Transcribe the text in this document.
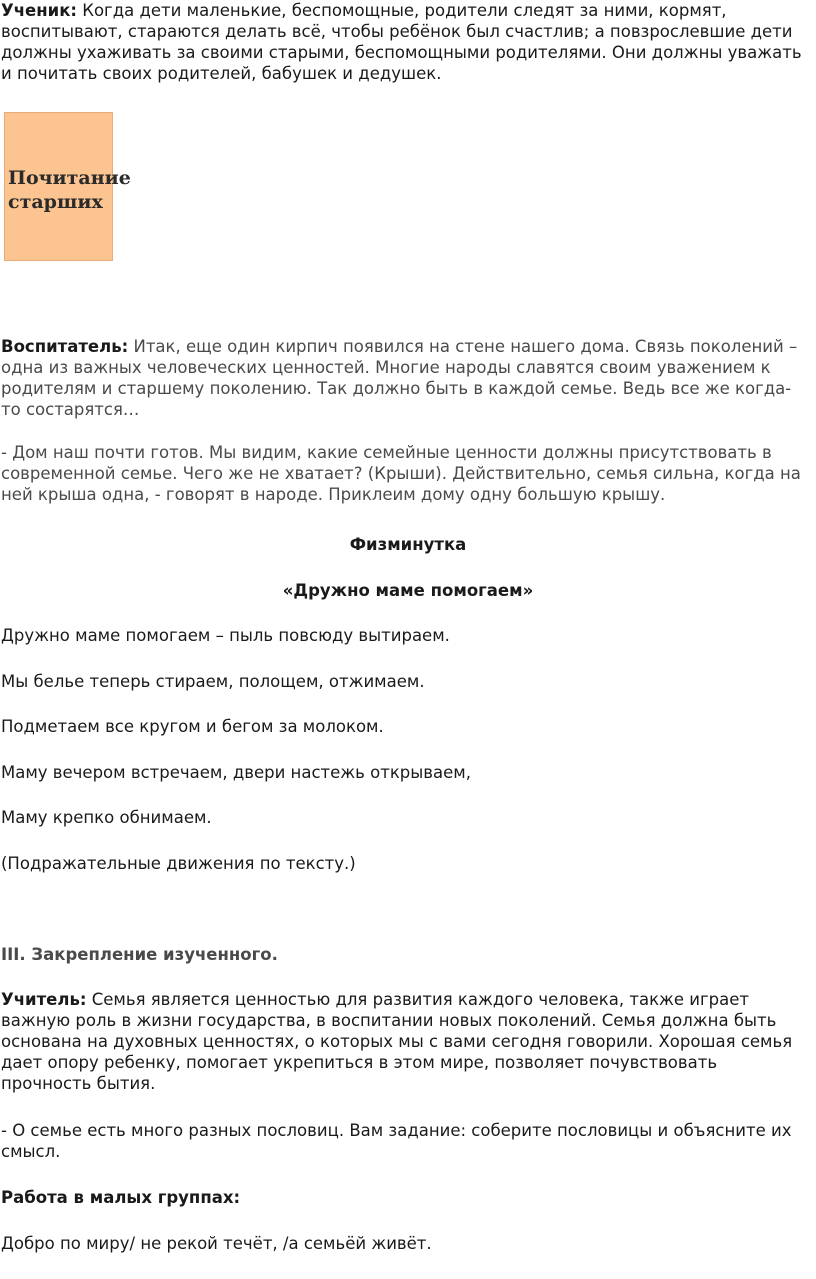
Ученик: Когда дети маленькие, беспомощные, родители следят за ними, кормят, воспитывают, стараются делать всё, чтобы ребёнок был счастлив; а повзрослевшие дети должны ухаживать за своими старыми, беспомощными родителями. Они должны уважать и почитать своих родителей, бабушек и дедушек.

Почитание
старших

Воспитатель: Итак, еще один кирпич появился на стене нашего дома. Связь поколений – одна из важных человеческих ценностей. Многие народы славятся своим уважением к родителям и старшему поколению. Так должно быть в каждой семье. Ведь все же когда-то состарятся…

- Дом наш почти готов. Мы видим, какие семейные ценности должны присутствовать в современной семье. Чего же не хватает? (Крыши). Действительно, семья сильна, когда на ней крыша одна, - говорят в народе. Приклеим дому одну большую крышу.

Физминутка

«Дружно маме помогаем»

Дружно маме помогаем – пыль повсюду вытираем.

Мы белье теперь стираем, полощем, отжимаем.

Подметаем все кругом и бегом за молоком.

Маму вечером встречаем, двери настежь открываем,

Маму крепко обнимаем.

(Подражательные движения по тексту.)

III. Закрепление изученного.

Учитель: Семья является ценностью для развития каждого человека, также играет важную роль в жизни государства, в воспитании новых поколений. Семья должна быть основана на духовных ценностях, о которых мы с вами сегодня говорили. Хорошая семья дает опору ребенку, помогает укрепиться в этом мире, позволяет почувствовать прочность бытия.

- О семье есть много разных пословиц. Вам задание: соберите пословицы и объясните их смысл.

Работа в малых группах:

Добро по миру/ не рекой течёт, /а семьёй живёт.
